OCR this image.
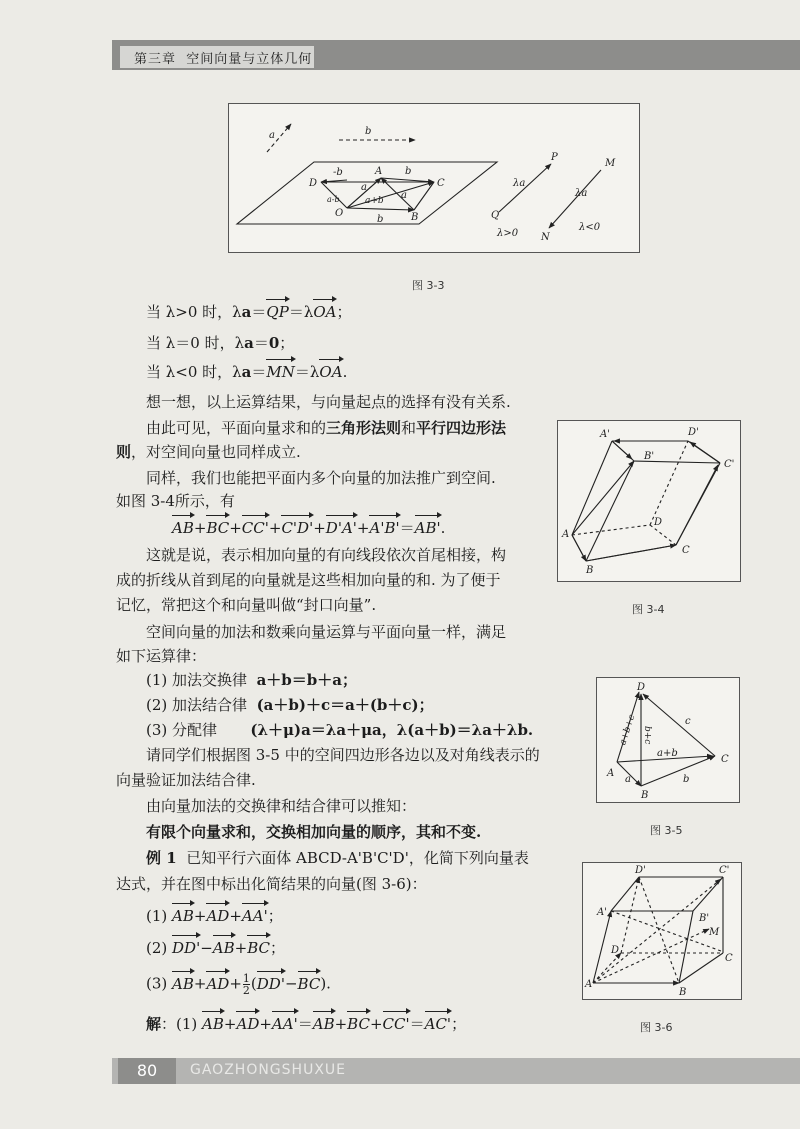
第三章 空间向量与立体几何
a	b
-b	A b
D	C
a
a-b	a+b
O	B
b
a
P
Q
λa
λ>0
M
N
λa
λ<0
图 3-3
A'	D'
B'
C'
A
D
B
C
图 3-4
D
a+b+c b+c
c
C
A
a+b
a	b
B
图 3-5
D'	C'
A'
B'
M
D
C
A
B
图 3-6
当 λ>0 时，λa＝QP＝λOA；
当 λ＝0 时，λa＝0；
当 λ<0 时，λa＝MN＝λOA.
想一想，以上运算结果，与向量起点的选择有没有关系.
由此可见，平面向量求和的三角形法则和平行四边形法
则，对空间向量也同样成立.
同样，我们也能把平面内多个向量的加法推广到空间.
如图 3-4所示，有
AB+BC+CC'+C'D'+D'A'+A'B'＝AB'.
这就是说，表示相加向量的有向线段依次首尾相接，构
成的折线从首到尾的向量就是这些相加向量的和. 为了便于
记忆，常把这个和向量叫做“封口向量”.
空间向量的加法和数乘向量运算与平面向量一样，满足
如下运算律：
(1) 加法交换律 a＋b＝b＋a；
(2) 加法结合律 (a＋b)＋c＝a＋(b＋c)；
(3) 分配律 (λ＋μ)a＝λa＋μa，λ(a＋b)＝λa＋λb.
请同学们根据图 3-5 中的空间四边形各边以及对角线表示的
向量验证加法结合律.
由向量加法的交换律和结合律可以推知：
有限个向量求和，交换相加向量的顺序，其和不变.
例 1 已知平行六面体 ABCD-A'B'C'D'，化简下列向量表
达式，并在图中标出化简结果的向量(图 3-6)：
(1) AB+AD+AA'；
(2) DD'−AB+BC；
(3) $AB+AD+ \frac{1}{2} (DD'-BC)$.
解：(1) AB+AD+AA'＝AB+BC+CC'＝AC'；
80	GAOZHONGSHUXUE
